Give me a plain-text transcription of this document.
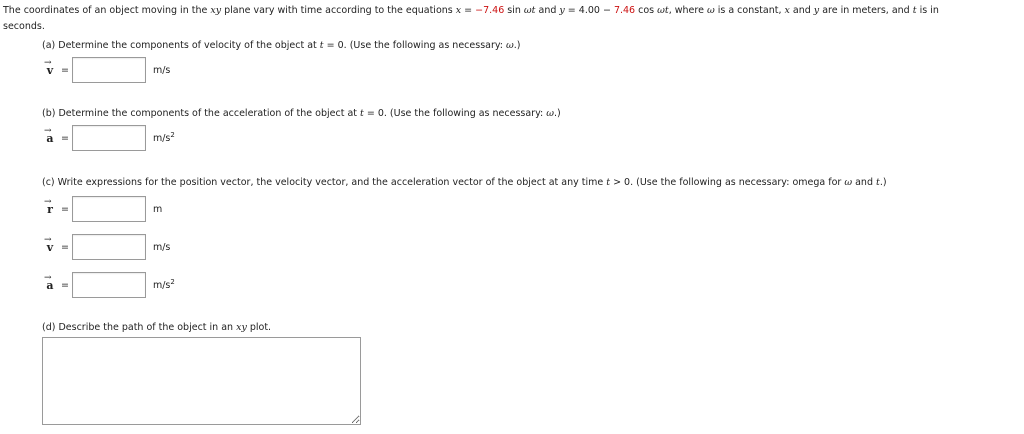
The coordinates of an object moving in the xy plane vary with time according to the equations x = −7.46 sin ωt and y = 4.00 − 7.46 cos ωt, where ω is a constant, x and y are in meters, and t is in
seconds.
(a) Determine the components of velocity of the object at t = 0. (Use the following as necessary: ω.)
→
v =	m/s
(b) Determine the components of the acceleration of the object at t = 0. (Use the following as necessary: ω.)
→
a =	$m/s^2$
(c) Write expressions for the position vector, the velocity vector, and the acceleration vector of the object at any time t > 0. (Use the following as necessary: omega for ω and t.)
→
r =	m
→
v =	m/s
→
a =	$m/s^2$
(d) Describe the path of the object in an xy plot.
